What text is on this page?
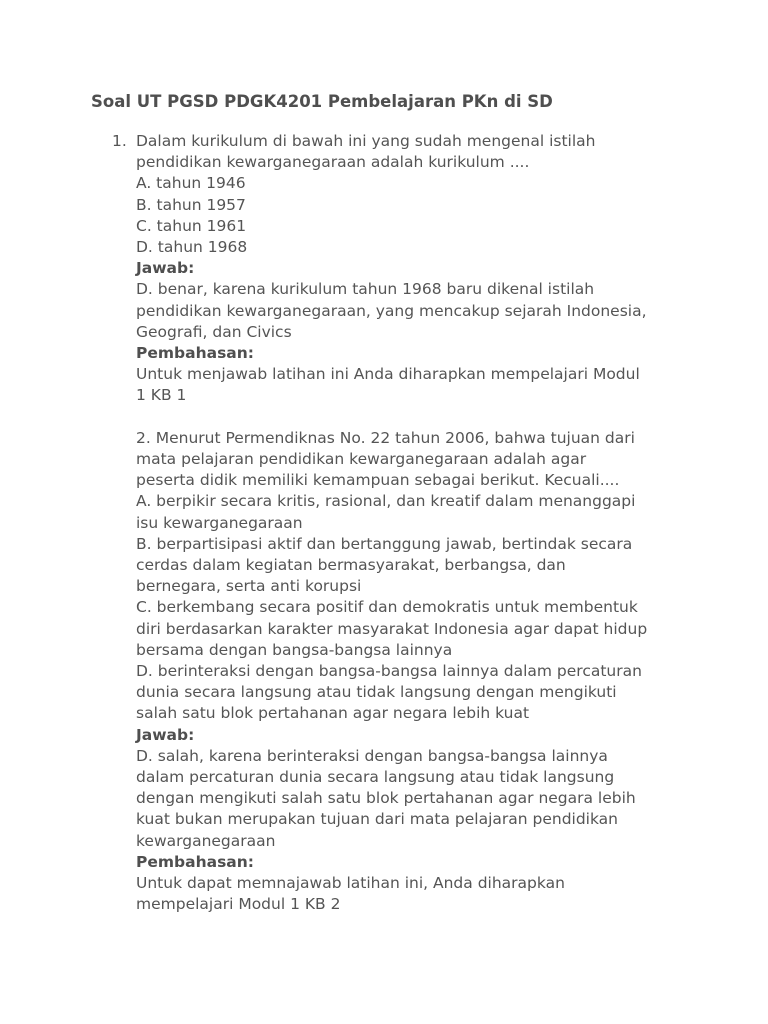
Soal UT PGSD PDGK4201 Pembelajaran PKn di SD
1. Dalam kurikulum di bawah ini yang sudah mengenal istilah
pendidikan kewarganegaraan adalah kurikulum ....
A. tahun 1946
B. tahun 1957
C. tahun 1961
D. tahun 1968
Jawab:
D. benar, karena kurikulum tahun 1968 baru dikenal istilah
pendidikan kewarganegaraan, yang mencakup sejarah Indonesia,
Geografi, dan Civics
Pembahasan:
Untuk menjawab latihan ini Anda diharapkan mempelajari Modul
1 KB 1
2. Menurut Permendiknas No. 22 tahun 2006, bahwa tujuan dari
mata pelajaran pendidikan kewarganegaraan adalah agar
peserta didik memiliki kemampuan sebagai berikut. Kecuali....
A. berpikir secara kritis, rasional, dan kreatif dalam menanggapi
isu kewarganegaraan
B. berpartisipasi aktif dan bertanggung jawab, bertindak secara
cerdas dalam kegiatan bermasyarakat, berbangsa, dan
bernegara, serta anti korupsi
C. berkembang secara positif dan demokratis untuk membentuk
diri berdasarkan karakter masyarakat Indonesia agar dapat hidup
bersama dengan bangsa-bangsa lainnya
D. berinteraksi dengan bangsa-bangsa lainnya dalam percaturan
dunia secara langsung atau tidak langsung dengan mengikuti
salah satu blok pertahanan agar negara lebih kuat
Jawab:
D. salah, karena berinteraksi dengan bangsa-bangsa lainnya
dalam percaturan dunia secara langsung atau tidak langsung
dengan mengikuti salah satu blok pertahanan agar negara lebih
kuat bukan merupakan tujuan dari mata pelajaran pendidikan
kewarganegaraan
Pembahasan:
Untuk dapat memnajawab latihan ini, Anda diharapkan
mempelajari Modul 1 KB 2
